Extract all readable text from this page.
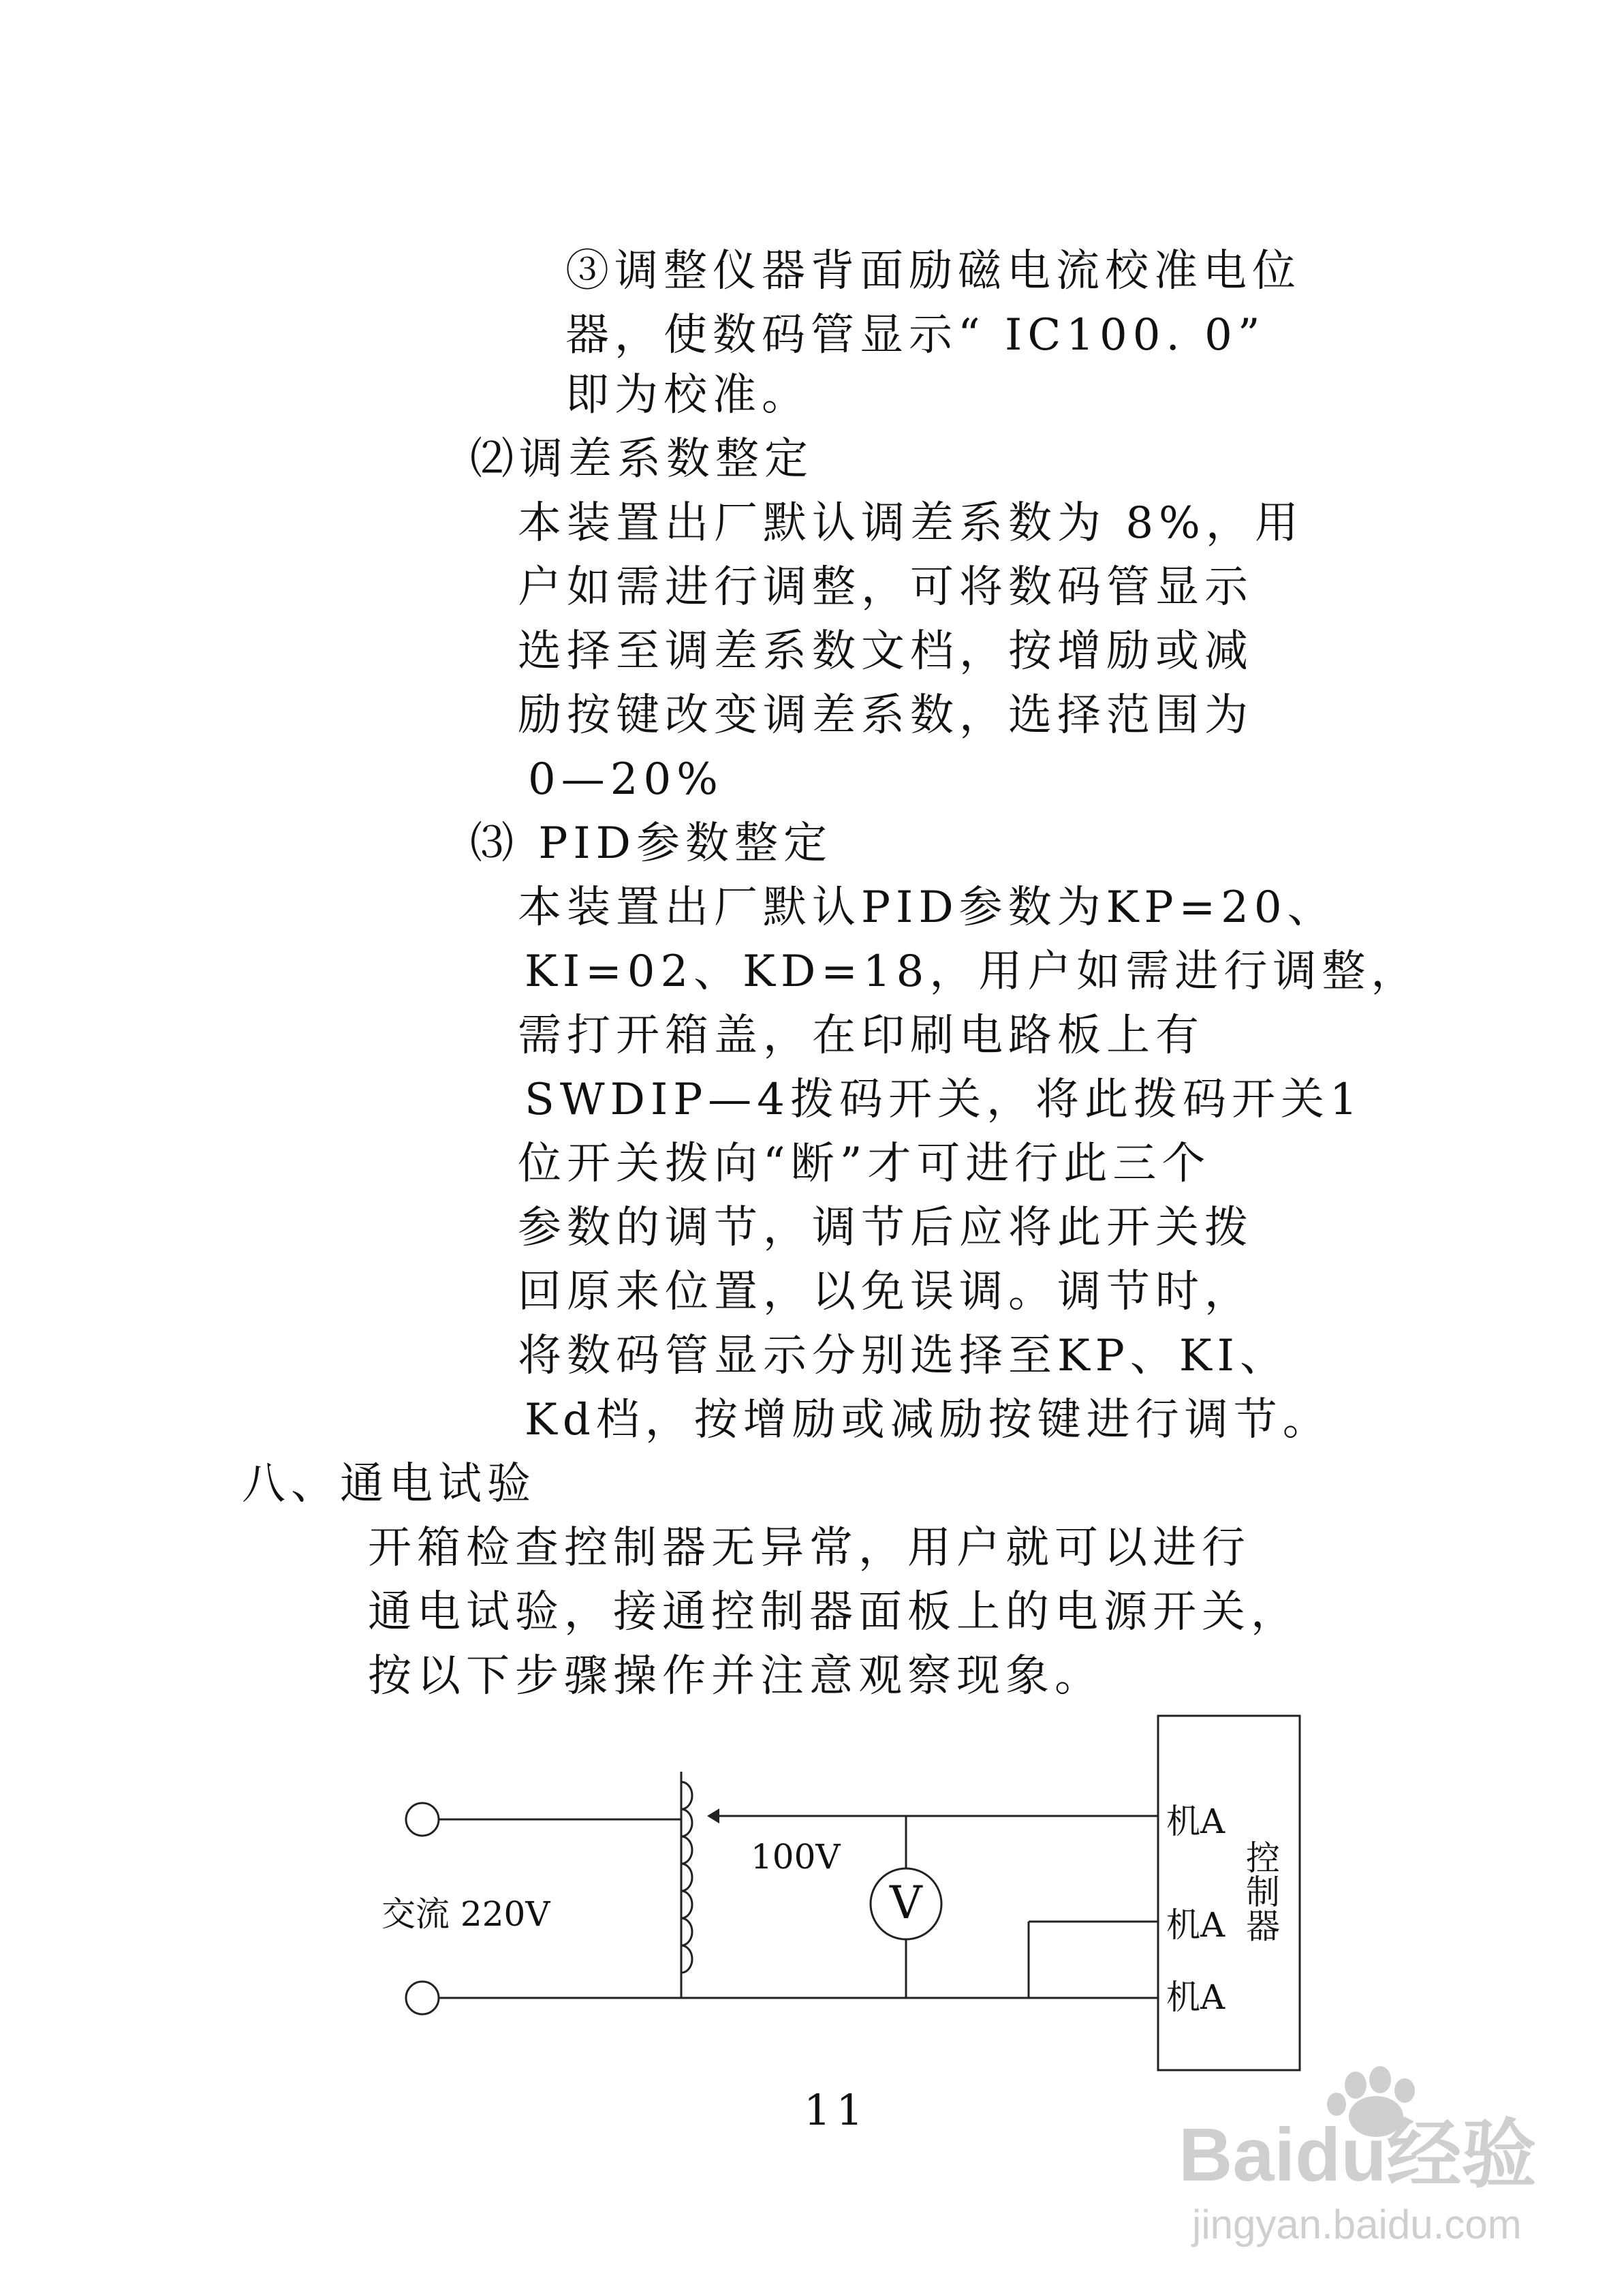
③调整仪器背面励磁电流校准电位
器，使数码管显示“ IC100. 0”
即为校准。
⑵调差系数整定
本装置出厂默认调差系数为 8%，用
户如需进行调整，可将数码管显示
选择至调差系数文档，按增励或减
励按键改变调差系数，选择范围为
0—20%
⑶ PID参数整定
本装置出厂默认PID参数为KP=20、
KI=02、KD=18，用户如需进行调整，
需打开箱盖，在印刷电路板上有
SWDIP—4拨码开关，将此拨码开关1
位开关拨向“断”才可进行此三个
参数的调节，调节后应将此开关拨
回原来位置，以免误调。调节时，
将数码管显示分别选择至KP、KI、
Kd档，按增励或减励按键进行调节。
八、通电试验
开箱检查控制器无异常，用户就可以进行
通电试验，接通控制器面板上的电源开关，
按以下步骤操作并注意观察现象。
交流 220V
100V
V
机A
机A
机A
控制器
11
Baidu经验
jingyan.baidu.com
